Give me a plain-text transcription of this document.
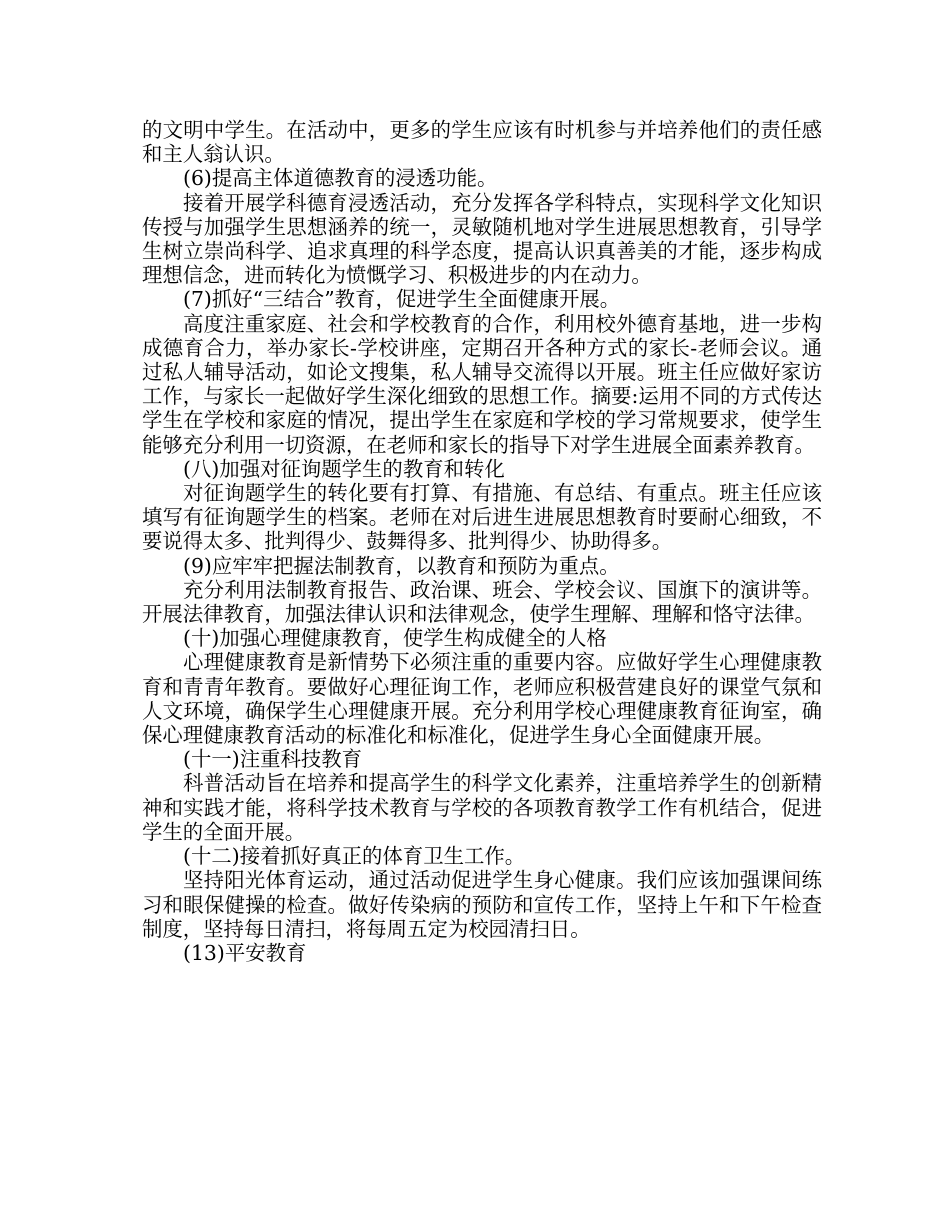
的文明中学生。在活动中，更多的学生应该有时机参与并培养他们的责任感和主人翁认识。

(6)提高主体道德教育的浸透功能。

接着开展学科德育浸透活动，充分发挥各学科特点，实现科学文化知识传授与加强学生思想涵养的统一，灵敏随机地对学生进展思想教育，引导学生树立崇尚科学、追求真理的科学态度，提高认识真善美的才能，逐步构成理想信念，进而转化为愤慨学习、积极进步的内在动力。

(7)抓好“三结合”教育，促进学生全面健康开展。

高度注重家庭、社会和学校教育的合作，利用校外德育基地，进一步构成德育合力，举办家长-学校讲座，定期召开各种方式的家长-老师会议。通过私人辅导活动，如论文搜集，私人辅导交流得以开展。班主任应做好家访工作，与家长一起做好学生深化细致的思想工作。摘要:运用不同的方式传达学生在学校和家庭的情况，提出学生在家庭和学校的学习常规要求，使学生能够充分利用一切资源，在老师和家长的指导下对学生进展全面素养教育。

(八)加强对征询题学生的教育和转化

对征询题学生的转化要有打算、有措施、有总结、有重点。班主任应该填写有征询题学生的档案。老师在对后进生进展思想教育时要耐心细致，不要说得太多、批判得少、鼓舞得多、批判得少、协助得多。

(9)应牢牢把握法制教育，以教育和预防为重点。

充分利用法制教育报告、政治课、班会、学校会议、国旗下的演讲等。开展法律教育，加强法律认识和法律观念，使学生理解、理解和恪守法律。

(十)加强心理健康教育，使学生构成健全的人格

心理健康教育是新情势下必须注重的重要内容。应做好学生心理健康教育和青青年教育。要做好心理征询工作，老师应积极营建良好的课堂气氛和人文环境，确保学生心理健康开展。充分利用学校心理健康教育征询室，确保心理健康教育活动的标准化和标准化，促进学生身心全面健康开展。

(十一)注重科技教育

科普活动旨在培养和提高学生的科学文化素养，注重培养学生的创新精神和实践才能，将科学技术教育与学校的各项教育教学工作有机结合，促进学生的全面开展。

(十二)接着抓好真正的体育卫生工作。

坚持阳光体育运动，通过活动促进学生身心健康。我们应该加强课间练习和眼保健操的检查。做好传染病的预防和宣传工作，坚持上午和下午检查制度，坚持每日清扫，将每周五定为校园清扫日。

(13)平安教育
